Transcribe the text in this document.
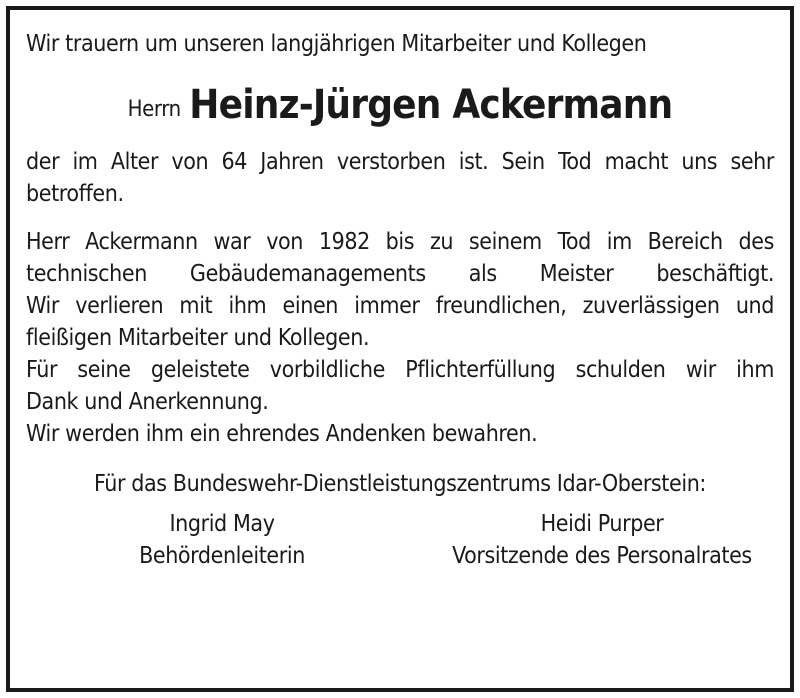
Wir trauern um unseren langjährigen Mitarbeiter und Kollegen
Herrn Heinz-Jürgen Ackermann
der im Alter von 64 Jahren verstorben ist. Sein Tod macht uns sehr
betroffen.
Herr Ackermann war von 1982 bis zu seinem Tod im Bereich des
technischen Gebäudemanagements als Meister beschäftigt.
Wir verlieren mit ihm einen immer freundlichen, zuverlässigen und
fleißigen Mitarbeiter und Kollegen.
Für seine geleistete vorbildliche Pflichterfüllung schulden wir ihm
Dank und Anerkennung.
Wir werden ihm ein ehrendes Andenken bewahren.
Für das Bundeswehr-Dienstleistungszentrums Idar-Oberstein:
Ingrid May
Behördenleiterin
Heidi Purper
Vorsitzende des Personalrates
